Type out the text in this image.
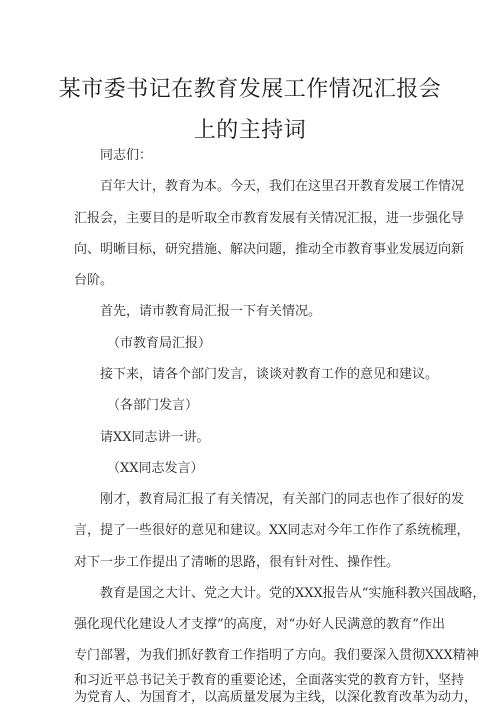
某市委书记在教育发展工作情况汇报会
上的主持词
同志们：
百年大计，教育为本。今天，我们在这里召开教育发展工作情况
汇报会，主要目的是听取全市教育发展有关情况汇报，进一步强化导
向、明晰目标，研究措施、解决问题，推动全市教育事业发展迈向新
台阶。
首先，请市教育局汇报一下有关情况。
（市教育局汇报）
接下来，请各个部门发言，谈谈对教育工作的意见和建议。
（各部门发言）
请XX同志讲一讲。
（XX同志发言）
刚才，教育局汇报了有关情况，有关部门的同志也作了很好的发
言，提了一些很好的意见和建议。XX同志对今年工作作了系统梳理，
对下一步工作提出了清晰的思路，很有针对性、操作性。
教育是国之大计、党之大计。党的XXX报告从“实施科教兴国战略，
强化现代化建设人才支撑”的高度，对“办好人民满意的教育”作出
专门部署，为我们抓好教育工作指明了方向。我们要深入贯彻XXX精神
和习近平总书记关于教育的重要论述，全面落实党的教育方针，坚持
为党育人、为国育才，以高质量发展为主线，以深化教育改革为动力，
